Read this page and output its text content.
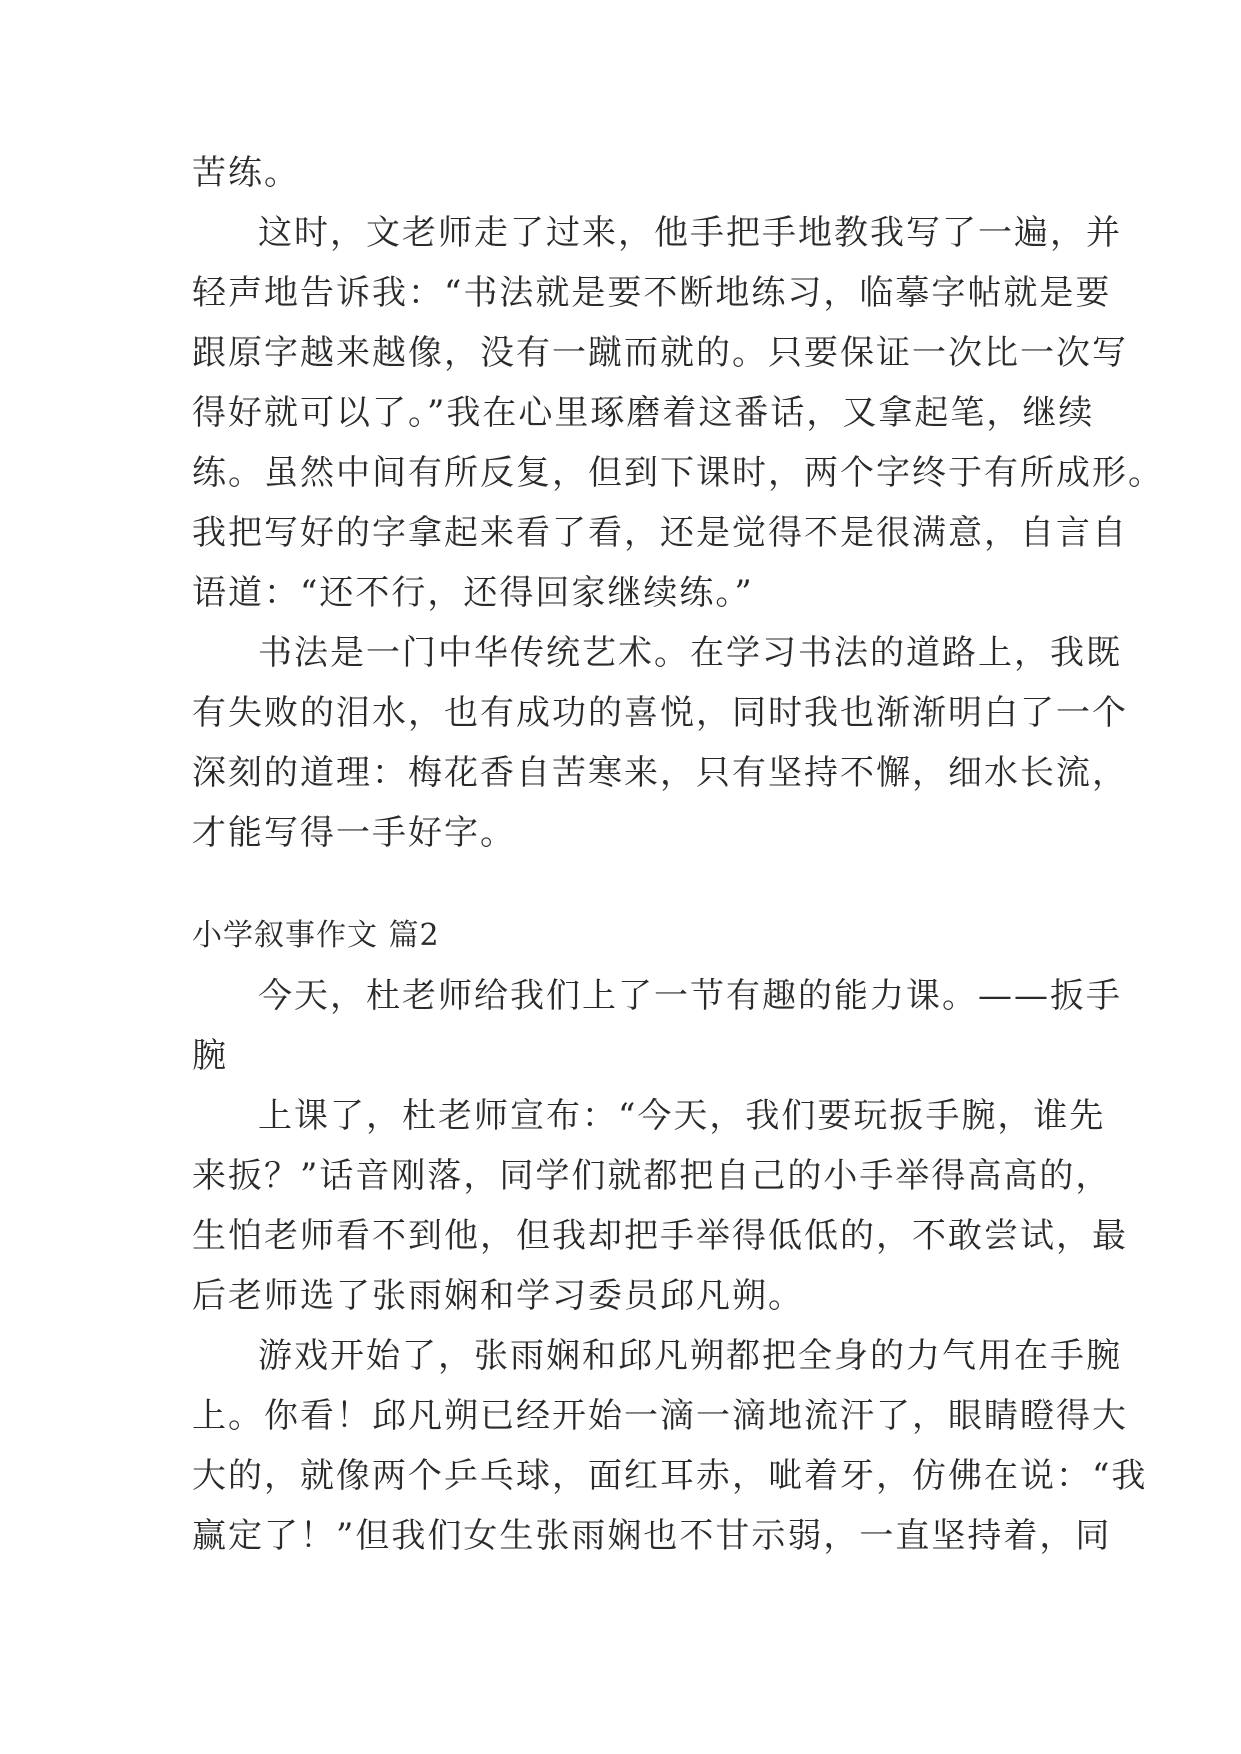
苦练。
这时，文老师走了过来，他手把手地教我写了一遍，并
轻声地告诉我：“书法就是要不断地练习，临摹字帖就是要
跟原字越来越像，没有一蹴而就的。只要保证一次比一次写
得好就可以了。”我在心里琢磨着这番话，又拿起笔，继续
练。虽然中间有所反复，但到下课时，两个字终于有所成形。
我把写好的字拿起来看了看，还是觉得不是很满意，自言自
语道：“还不行，还得回家继续练。”
书法是一门中华传统艺术。在学习书法的道路上，我既
有失败的泪水，也有成功的喜悦，同时我也渐渐明白了一个
深刻的道理：梅花香自苦寒来，只有坚持不懈，细水长流，
才能写得一手好字。
小学叙事作文 篇2
今天，杜老师给我们上了一节有趣的能力课。——扳手
腕
上课了，杜老师宣布：“今天，我们要玩扳手腕，谁先
来扳？”话音刚落，同学们就都把自己的小手举得高高的，
生怕老师看不到他，但我却把手举得低低的，不敢尝试，最
后老师选了张雨娴和学习委员邱凡朔。
游戏开始了，张雨娴和邱凡朔都把全身的力气用在手腕
上。你看！邱凡朔已经开始一滴一滴地流汗了，眼睛瞪得大
大的，就像两个乒乓球，面红耳赤，呲着牙，仿佛在说：“我
赢定了！”但我们女生张雨娴也不甘示弱，一直坚持着，同
